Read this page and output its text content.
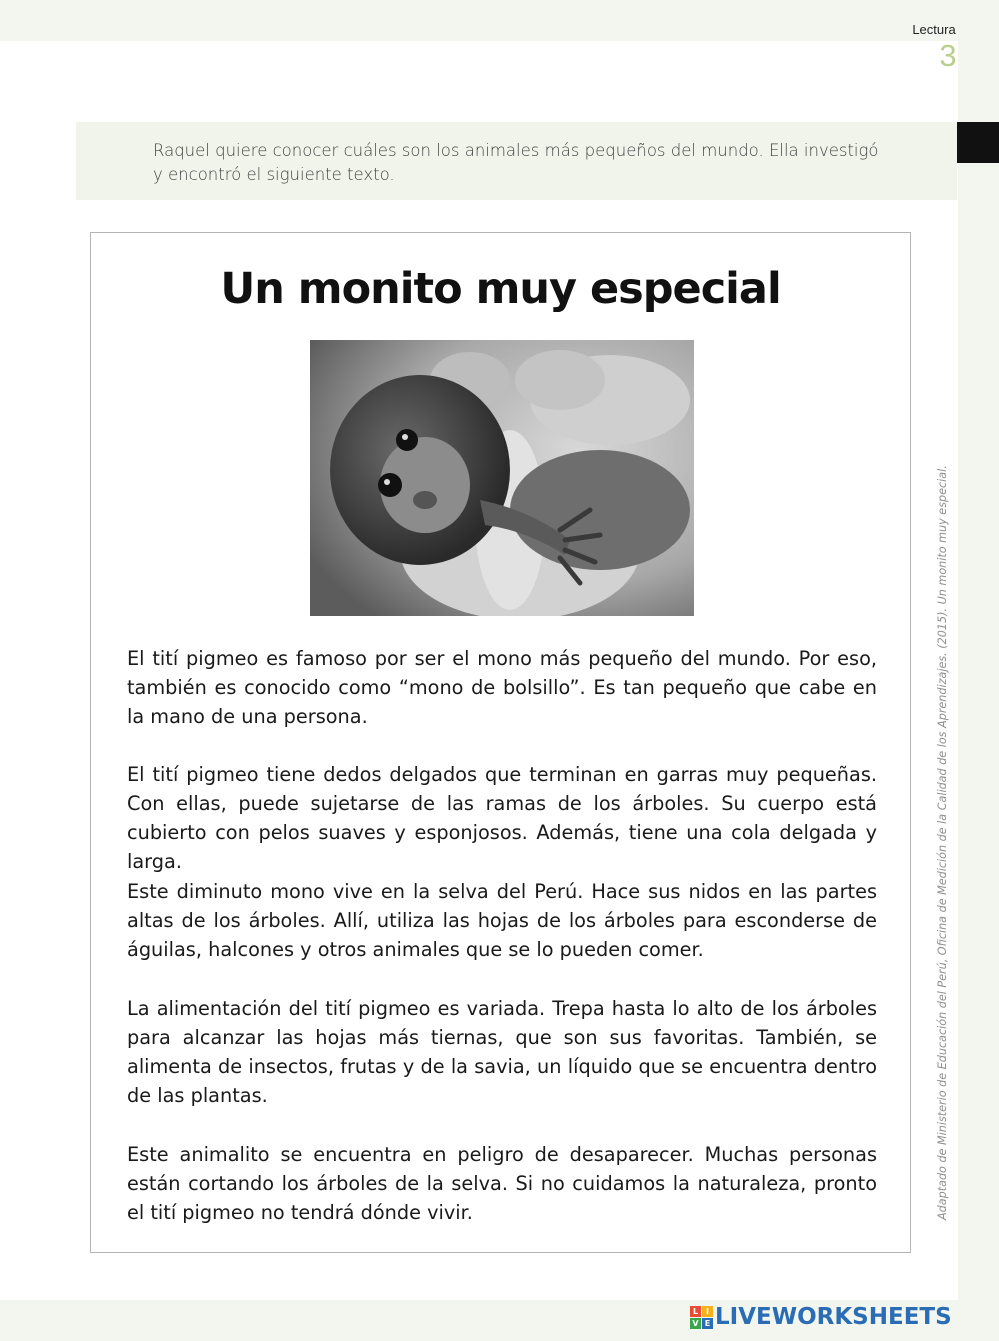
Lectura
3
Raquel quiere conocer cuáles son los animales más pequeños del mundo. Ella investigó y encontró el siguiente texto.
Un monito muy especial

El tití pigmeo es famoso por ser el mono más pequeño del mundo. Por eso, también es conocido como “mono de bolsillo”. Es tan pequeño que cabe en la mano de una persona.

El tití pigmeo tiene dedos delgados que terminan en garras muy pequeñas. Con ellas, puede sujetarse de las ramas de los árboles. Su cuerpo está cubierto con pelos suaves y esponjosos. Además, tiene una cola delgada y larga.

Este diminuto mono vive en la selva del Perú. Hace sus nidos en las partes altas de los árboles. Allí, utiliza las hojas de los árboles para esconderse de águilas, halcones y otros animales que se lo pueden comer.

La alimentación del tití pigmeo es variada. Trepa hasta lo alto de los árboles para alcanzar las hojas más tiernas, que son sus favoritas. También, se alimenta de insectos, frutas y de la savia, un líquido que se encuentra dentro de las plantas.

Este animalito se encuentra en peligro de desaparecer. Muchas personas están cortando los árboles de la selva. Si no cuidamos la naturaleza, pronto el tití pigmeo no tendrá dónde vivir.	Adaptado de Ministerio de Educación del Perú, Oficina de Medición de la Calidad de los Aprendizajes. (2015). Un monito muy especial.
L I
V E LIVEWORKSHEETS
